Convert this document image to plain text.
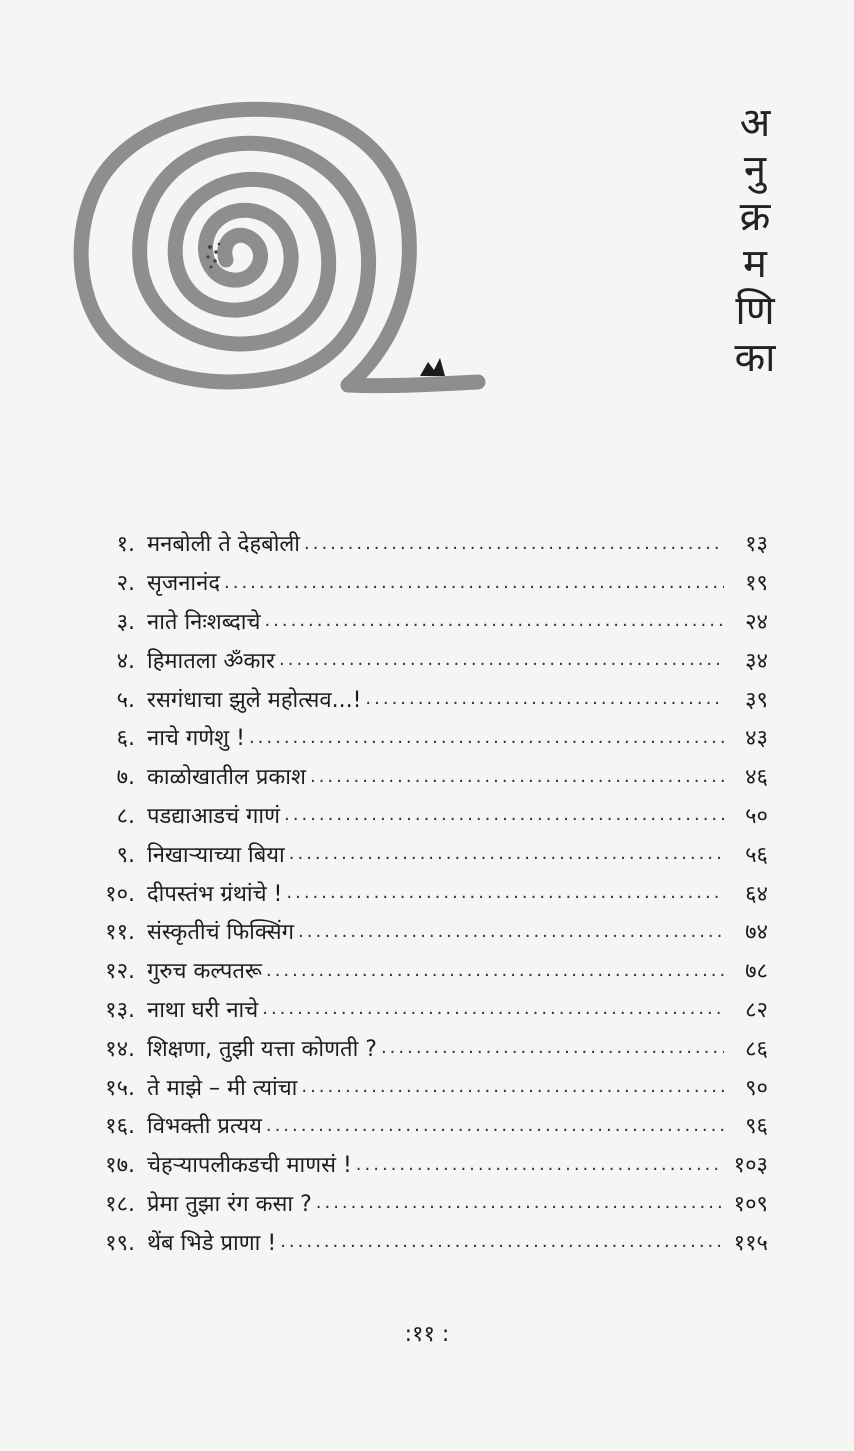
अ
नु
क्र
म
णि
का
१. मनबोली ते देहबोली .....	१३
२. सृजनानंद .....	१९
३. नाते निःशब्दाचे .....	२४
४. हिमातला ॐकार .....	३४
५. रसगंधाचा झुले महोत्सव...! .....	३९
६. नाचे गणेशु ! .....	४३
७. काळोखातील प्रकाश .....	४६
८. पडद्याआडचं गाणं .....	५०
९. निखाऱ्याच्या बिया .....	५६
१०. दीपस्तंभ ग्रंथांचे ! .....	६४
११. संस्कृतीचं फिक्सिंग .....	७४
१२. गुरुच कल्पतरू .....	७८
१३. नाथा घरी नाचे .....	८२
१४. शिक्षणा, तुझी यत्ता कोणती ? .....	८६
१५. ते माझे – मी त्यांचा .....	९०
१६. विभक्ती प्रत्यय .....	९६
१७. चेहऱ्यापलीकडची माणसं ! .....	१०३
१८. प्रेमा तुझा रंग कसा ? .....	१०९
१९. थेंब भिडे प्राणा ! .....	११५
:११ :
